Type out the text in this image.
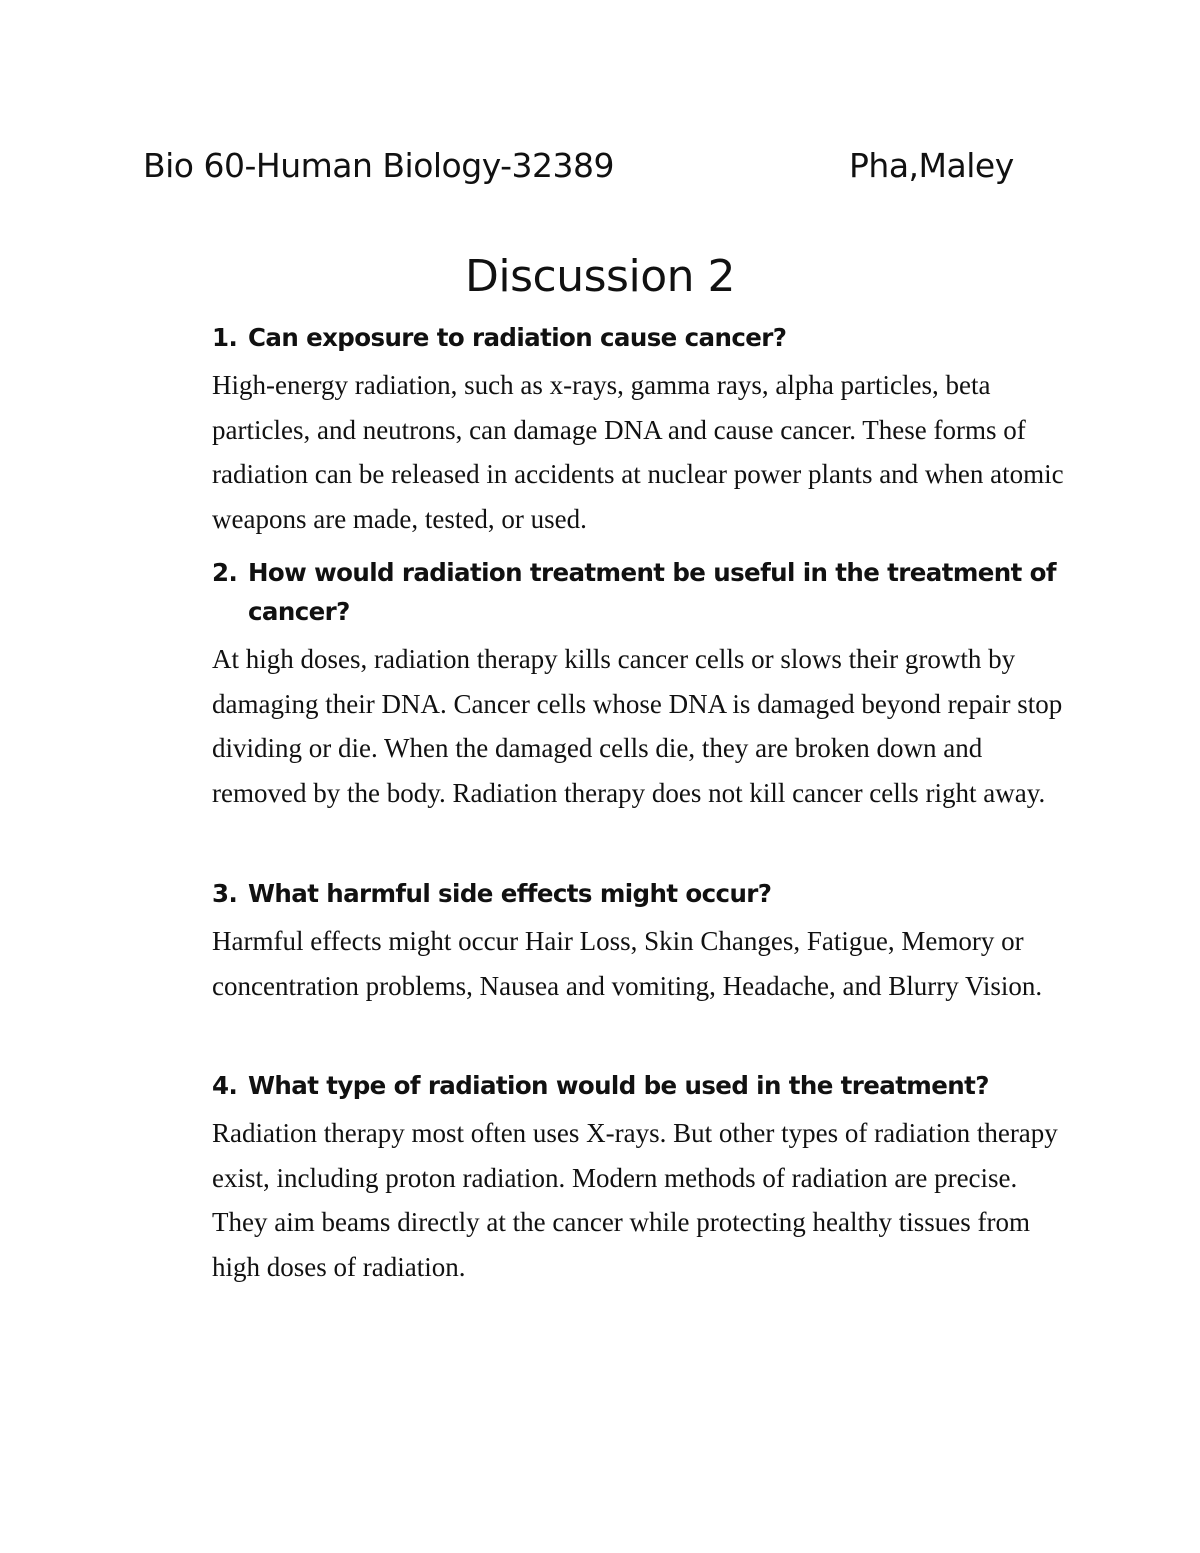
Bio 60-Human Biology-32389	Pha,Maley
Discussion 2
1. Can exposure to radiation cause cancer?
High-energy radiation, such as x-rays, gamma rays, alpha particles, beta particles, and neutrons, can damage DNA and cause cancer. These forms of radiation can be released in accidents at nuclear power plants and when atomic weapons are made, tested, or used.
2. How would radiation treatment be useful in the treatment of cancer?
At high doses, radiation therapy kills cancer cells or slows their growth by damaging their DNA. Cancer cells whose DNA is damaged beyond repair stop dividing or die. When the damaged cells die, they are broken down and removed by the body. Radiation therapy does not kill cancer cells right away.
3. What harmful side effects might occur?
Harmful effects might occur Hair Loss, Skin Changes, Fatigue, Memory or concentration problems, Nausea and vomiting, Headache, and Blurry Vision.
4. What type of radiation would be used in the treatment?
Radiation therapy most often uses X-rays. But other types of radiation therapy exist, including proton radiation. Modern methods of radiation are precise. They aim beams directly at the cancer while protecting healthy tissues from high doses of radiation.
